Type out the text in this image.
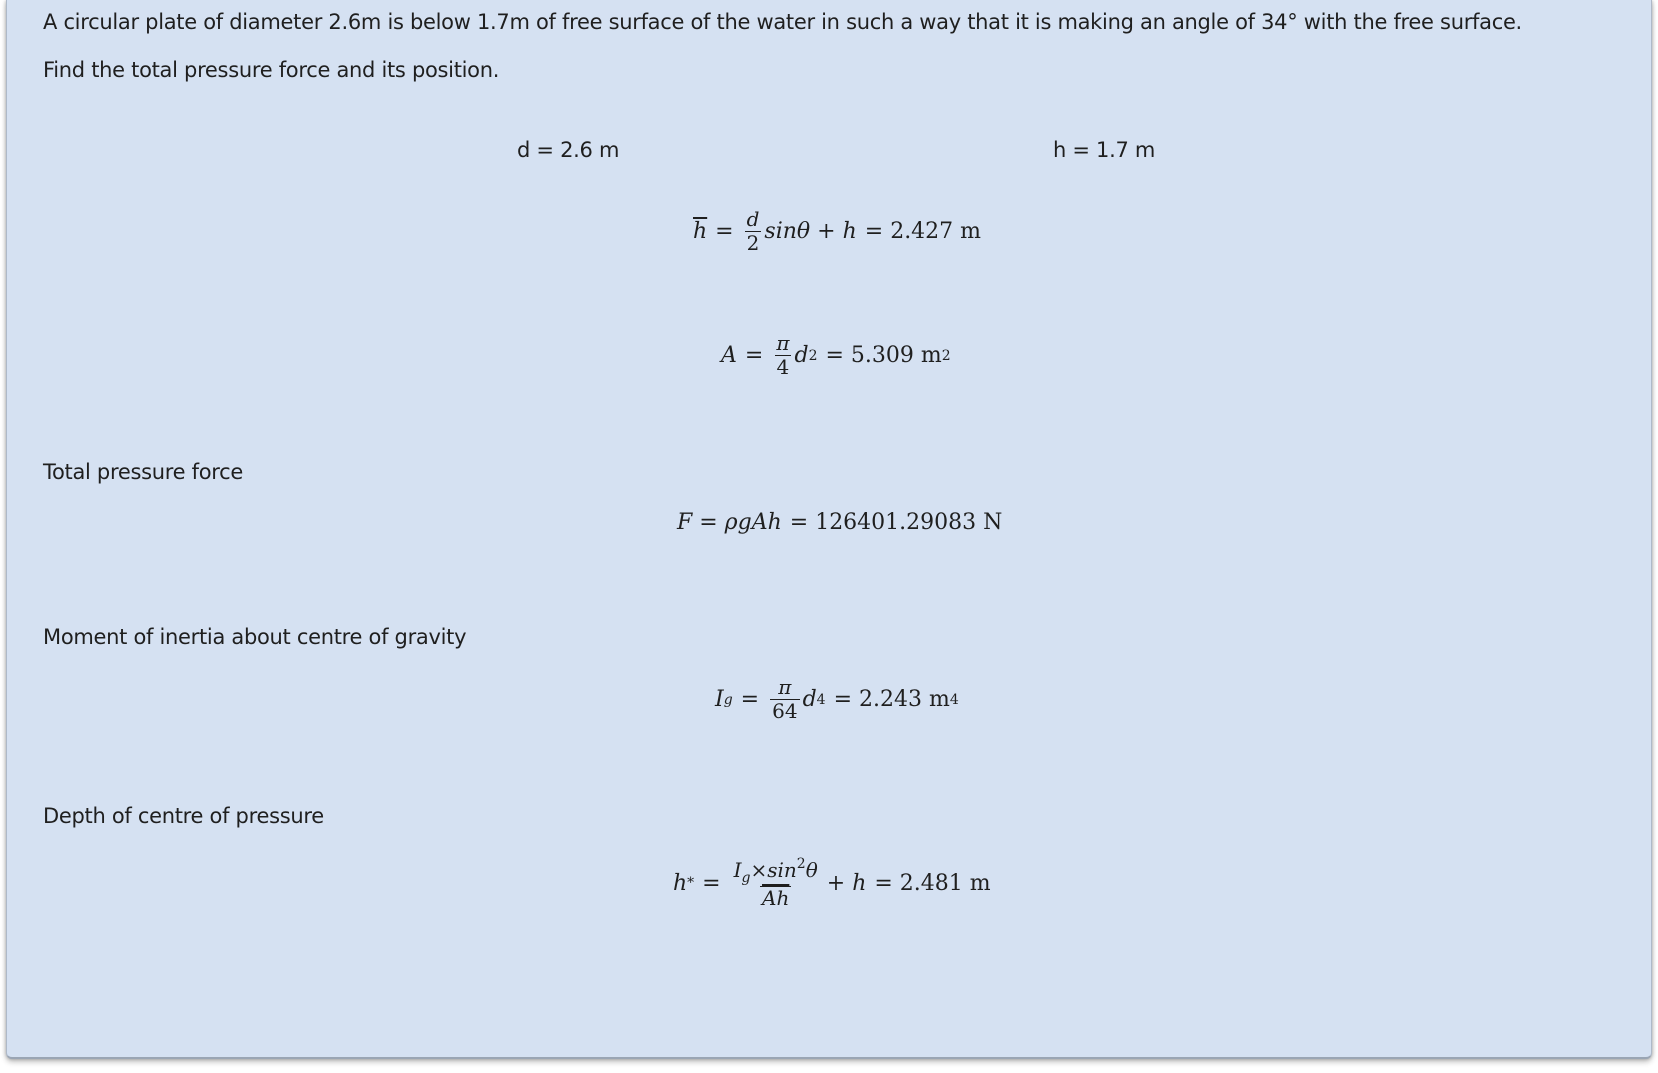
A circular plate of diameter 2.6m is below 1.7m of free surface of the water in such a way that it is making an angle of 34° with the free surface.
Find the total pressure force and its position.
d = 2.6 m	h = 1.7 m
$\overline{h} = \frac{d}{2}$ sinθ + h = 2.427 m
$A = \frac{\pi}{4}$ d 2 = 5.309 m 2
Total pressure force
F = ρgAh = 126401.29083 N
Moment of inertia about centre of gravity
I $g = \frac{\pi}{64}$ d 4 = 2.243 m 4
Depth of centre of pressure
h * = $\frac{I_g\times\sin^2\theta}{Ah} + h = 2.481$ m
